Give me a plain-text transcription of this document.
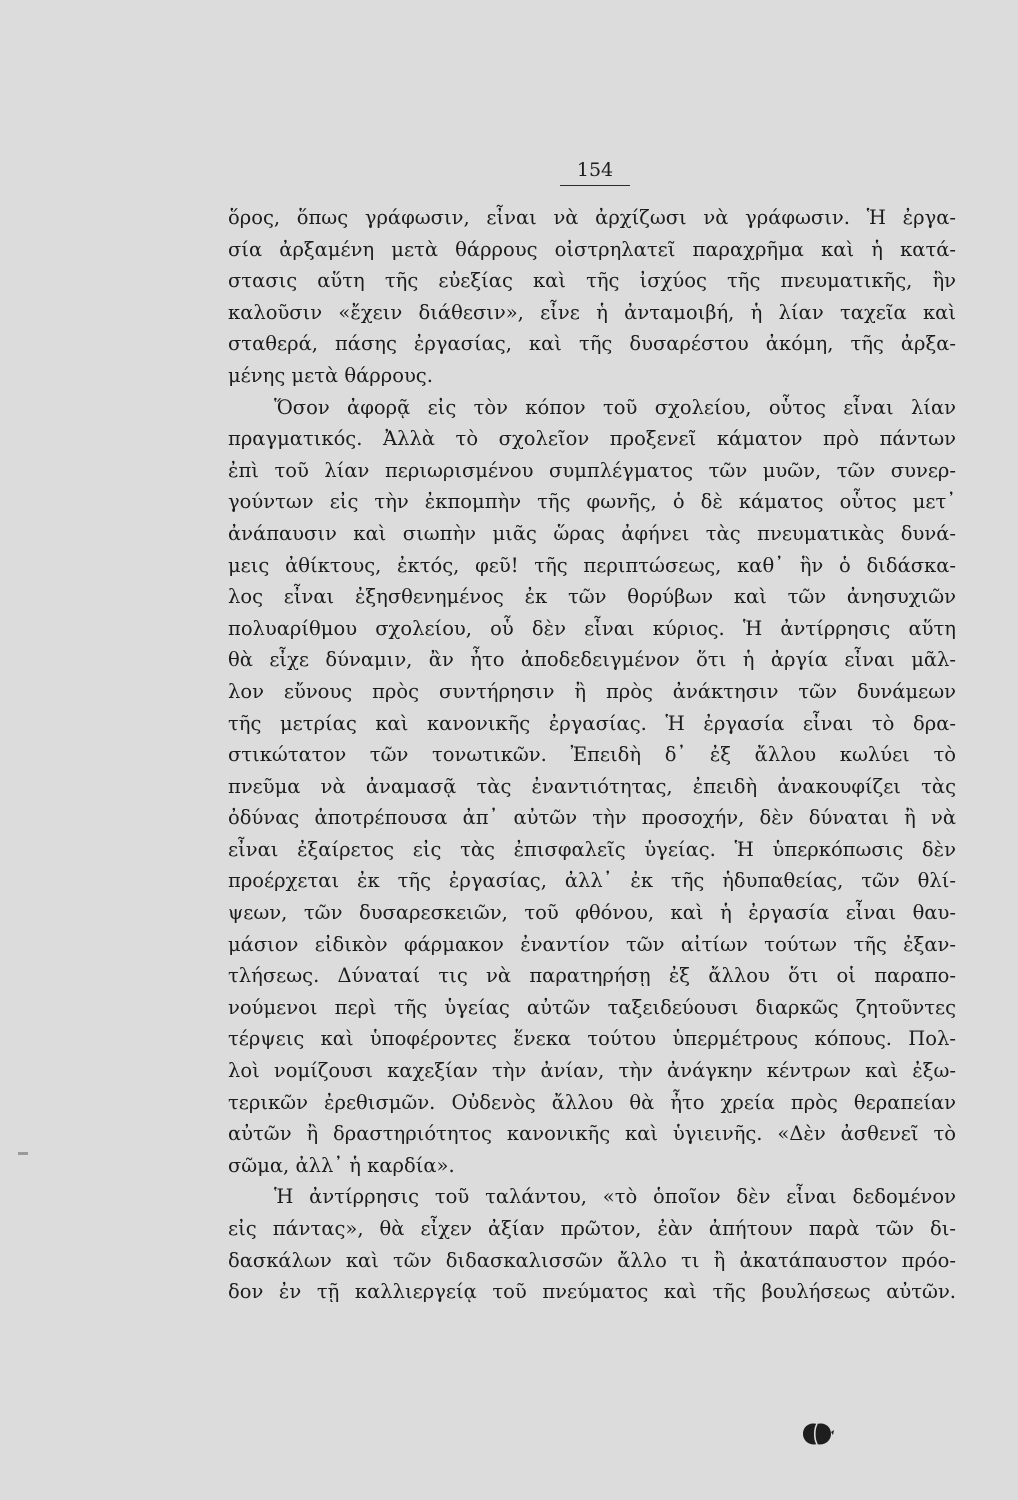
154
ὅρος, ὅπως γράφωσιν, εἶναι νὰ ἀρχίζωσι νὰ γράφωσιν. Ἡ ἐργα-
σία ἀρξαμένη μετὰ θάρρους οἰστρηλατεῖ παραχρῆμα καὶ ἡ κατά-
στασις αὕτη τῆς εὐεξίας καὶ τῆς ἰσχύος τῆς πνευματικῆς, ἣν
καλοῦσιν «ἔχειν διάθεσιν», εἶνε ἡ ἀνταμοιβή, ἡ λίαν ταχεῖα καὶ
σταθερά, πάσης ἐργασίας, καὶ τῆς δυσαρέστου ἀκόμη, τῆς ἀρξα-
μένης μετὰ θάρρους.
Ὅσον ἀφορᾷ εἰς τὸν κόπον τοῦ σχολείου, οὗτος εἶναι λίαν
πραγματικός. Ἀλλὰ τὸ σχολεῖον προξενεῖ κάματον πρὸ πάντων
ἐπὶ τοῦ λίαν περιωρισμένου συμπλέγματος τῶν μυῶν, τῶν συνερ-
γούντων εἰς τὴν ἐκπομπὴν τῆς φωνῆς, ὁ δὲ κάματος οὗτος μετ᾽
ἀνάπαυσιν καὶ σιωπὴν μιᾶς ὥρας ἀφήνει τὰς πνευματικὰς δυνά-
μεις ἀθίκτους, ἐκτός, φεῦ! τῆς περιπτώσεως, καθ᾽ ἣν ὁ διδάσκα-
λος εἶναι ἐξησθενημένος ἐκ τῶν θορύβων καὶ τῶν ἀνησυχιῶν
πολυαρίθμου σχολείου, οὗ δὲν εἶναι κύριος. Ἡ ἀντίρρησις αὕτη
θὰ εἶχε δύναμιν, ἂν ἦτο ἀποδεδειγμένον ὅτι ἡ ἀργία εἶναι μᾶλ-
λον εὔνους πρὸς συντήρησιν ἢ πρὸς ἀνάκτησιν τῶν δυνάμεων
τῆς μετρίας καὶ κανονικῆς ἐργασίας. Ἡ ἐργασία εἶναι τὸ δρα-
στικώτατον τῶν τονωτικῶν. Ἐπειδὴ δ᾽ ἐξ ἄλλου κωλύει τὸ
πνεῦμα νὰ ἀναμασᾷ τὰς ἐναντιότητας, ἐπειδὴ ἀνακουφίζει τὰς
ὀδύνας ἀποτρέπουσα ἀπ᾽ αὐτῶν τὴν προσοχήν, δὲν δύναται ἢ νὰ
εἶναι ἐξαίρετος εἰς τὰς ἐπισφαλεῖς ὑγείας. Ἡ ὑπερκόπωσις δὲν
προέρχεται ἐκ τῆς ἐργασίας, ἀλλ᾽ ἐκ τῆς ἡδυπαθείας, τῶν θλί-
ψεων, τῶν δυσαρεσκειῶν, τοῦ φθόνου, καὶ ἡ ἐργασία εἶναι θαυ-
μάσιον εἰδικὸν φάρμακον ἐναντίον τῶν αἰτίων τούτων τῆς ἐξαν-
τλήσεως. Δύναταί τις νὰ παρατηρήσῃ ἐξ ἄλλου ὅτι οἱ παραπο-
νούμενοι περὶ τῆς ὑγείας αὐτῶν ταξειδεύουσι διαρκῶς ζητοῦντες
τέρψεις καὶ ὑποφέροντες ἕνεκα τούτου ὑπερμέτρους κόπους. Πολ-
λοὶ νομίζουσι καχεξίαν τὴν ἀνίαν, τὴν ἀνάγκην κέντρων καὶ ἐξω-
τερικῶν ἐρεθισμῶν. Οὐδενὸς ἄλλου θὰ ἦτο χρεία πρὸς θεραπείαν
αὐτῶν ἢ δραστηριότητος κανονικῆς καὶ ὑγιεινῆς. «Δὲν ἀσθενεῖ τὸ
σῶμα, ἀλλ᾽ ἡ καρδία».
Ἡ ἀντίρρησις τοῦ ταλάντου, «τὸ ὁποῖον δὲν εἶναι δεδομένον
εἰς πάντας», θὰ εἶχεν ἀξίαν πρῶτον, ἐὰν ἀπήτουν παρὰ τῶν δι-
δασκάλων καὶ τῶν διδασκαλισσῶν ἄλλο τι ἢ ἀκατάπαυστον πρόο-
δον ἐν τῇ καλλιεργείᾳ τοῦ πνεύματος καὶ τῆς βουλήσεως αὐτῶν.
